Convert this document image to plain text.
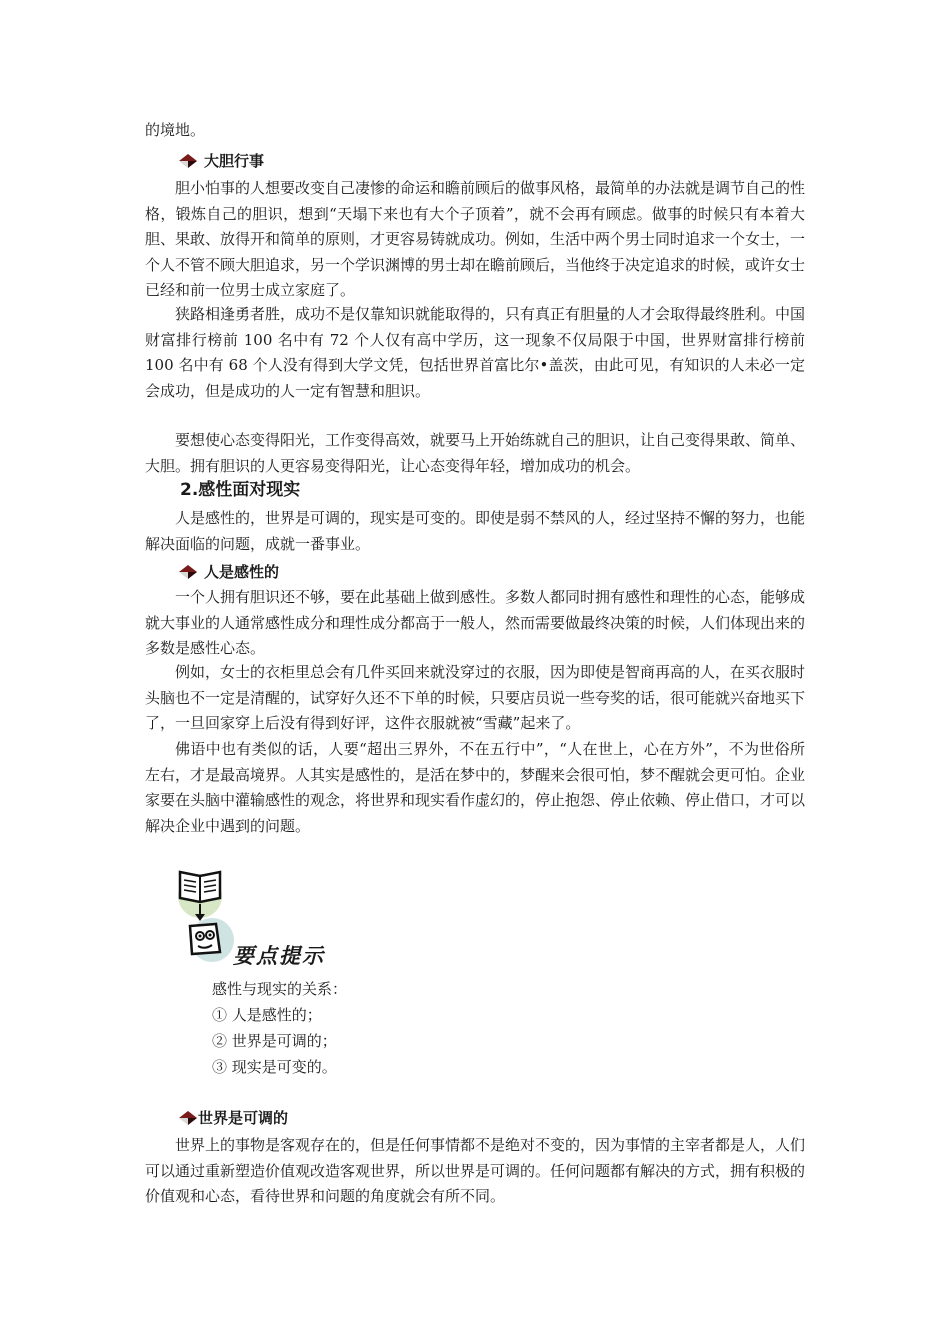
的境地。

大胆行事

胆小怕事的人想要改变自己凄惨的命运和瞻前顾后的做事风格，最简单的办法就是调节自己的性格，锻炼自己的胆识，想到“天塌下来也有大个子顶着”，就不会再有顾虑。做事的时候只有本着大胆、果敢、放得开和简单的原则，才更容易铸就成功。例如，生活中两个男士同时追求一个女士，一个人不管不顾大胆追求，另一个学识渊博的男士却在瞻前顾后，当他终于决定追求的时候，或许女士已经和前一位男士成立家庭了。

狭路相逢勇者胜，成功不是仅靠知识就能取得的，只有真正有胆量的人才会取得最终胜利。中国财富排行榜前 100 名中有 72 个人仅有高中学历，这一现象不仅局限于中国，世界财富排行榜前 100 名中有 68 个人没有得到大学文凭，包括世界首富比尔•盖茨，由此可见，有知识的人未必一定会成功，但是成功的人一定有智慧和胆识。

要想使心态变得阳光，工作变得高效，就要马上开始练就自己的胆识，让自己变得果敢、简单、大胆。拥有胆识的人更容易变得阳光，让心态变得年轻，增加成功的机会。

2.感性面对现实

人是感性的，世界是可调的，现实是可变的。即使是弱不禁风的人，经过坚持不懈的努力，也能解决面临的问题，成就一番事业。

人是感性的

一个人拥有胆识还不够，要在此基础上做到感性。多数人都同时拥有感性和理性的心态，能够成就大事业的人通常感性成分和理性成分都高于一般人，然而需要做最终决策的时候，人们体现出来的多数是感性心态。

例如，女士的衣柜里总会有几件买回来就没穿过的衣服，因为即使是智商再高的人，在买衣服时头脑也不一定是清醒的，试穿好久还不下单的时候，只要店员说一些夸奖的话，很可能就兴奋地买下了，一旦回家穿上后没有得到好评，这件衣服就被“雪藏”起来了。

佛语中也有类似的话，人要“超出三界外，不在五行中”，“人在世上，心在方外”，不为世俗所左右，才是最高境界。人其实是感性的，是活在梦中的，梦醒来会很可怕，梦不醒就会更可怕。企业家要在头脑中灌输感性的观念，将世界和现实看作虚幻的，停止抱怨、停止依赖、停止借口，才可以解决企业中遇到的问题。

要点提示
感性与现实的关系：
① 人是感性的；
② 世界是可调的；
③ 现实是可变的。
世界是可调的

世界上的事物是客观存在的，但是任何事情都不是绝对不变的，因为事情的主宰者都是人，人们可以通过重新塑造价值观改造客观世界，所以世界是可调的。任何问题都有解决的方式，拥有积极的价值观和心态，看待世界和问题的角度就会有所不同。
